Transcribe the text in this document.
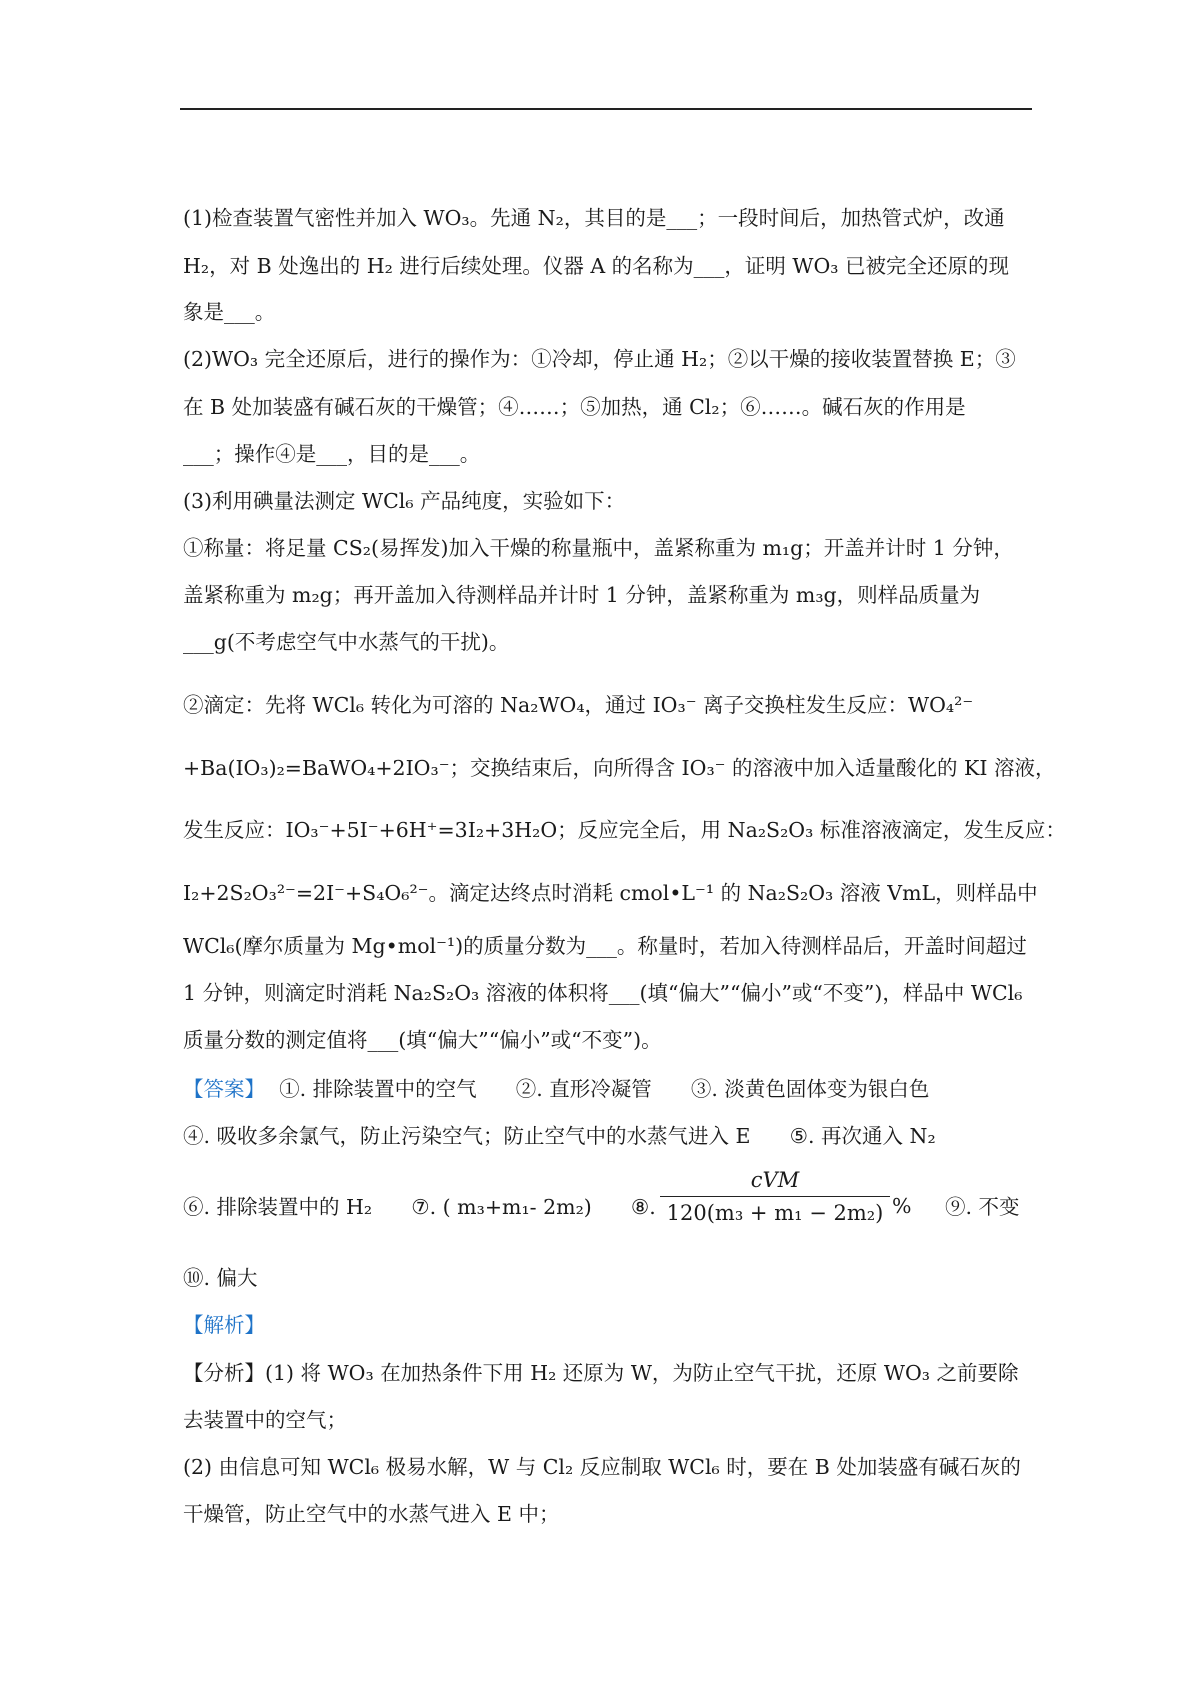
(1)检查装置气密性并加入 WO₃。先通 N₂，其目的是___；一段时间后，加热管式炉，改通
H₂，对 B 处逸出的 H₂ 进行后续处理。仪器 A 的名称为___，证明 WO₃ 已被完全还原的现
象是___。
(2)WO₃ 完全还原后，进行的操作为：①冷却，停止通 H₂；②以干燥的接收装置替换 E；③
在 B 处加装盛有碱石灰的干燥管；④……；⑤加热，通 Cl₂；⑥……。碱石灰的作用是
___；操作④是___，目的是___。
(3)利用碘量法测定 WCl₆ 产品纯度，实验如下：
①称量：将足量 CS₂(易挥发)加入干燥的称量瓶中，盖紧称重为 m₁g；开盖并计时 1 分钟，
盖紧称重为 m₂g；再开盖加入待测样品并计时 1 分钟，盖紧称重为 m₃g，则样品质量为
___g(不考虑空气中水蒸气的干扰)。
②滴定：先将 WCl₆ 转化为可溶的 Na₂WO₄，通过 IO₃⁻ 离子交换柱发生反应：WO₄²⁻
+Ba(IO₃)₂=BaWO₄+2IO₃⁻；交换结束后，向所得含 IO₃⁻ 的溶液中加入适量酸化的 KI 溶液，
发生反应：IO₃⁻+5I⁻+6H⁺=3I₂+3H₂O；反应完全后，用 Na₂S₂O₃ 标准溶液滴定，发生反应：
I₂+2S₂O₃²⁻=2I⁻+S₄O₆²⁻。滴定达终点时消耗 cmol•L⁻¹ 的 Na₂S₂O₃ 溶液 VmL，则样品中
WCl₆(摩尔质量为 Mg•mol⁻¹)的质量分数为___。称量时，若加入待测样品后，开盖时间超过
1 分钟，则滴定时消耗 Na₂S₂O₃ 溶液的体积将___(填“偏大”“偏小”或“不变”)，样品中 WCl₆
质量分数的测定值将___(填“偏大”“偏小”或“不变”)。
【答案】
①. 排除装置中的空气      ②. 直形冷凝管      ③. 淡黄色固体变为银白色
④. 吸收多余氯气，防止污染空气；防止空气中的水蒸气进入 E      ⑤. 再次通入 N₂
⑥. 排除装置中的 H₂      ⑦. ( m₃+m₁- 2m₂)      ⑧.
cVM
120(m₃ + m₁ − 2m₂) % ⑨. 不变
⑩. 偏大
【解析】
【分析】(1) 将 WO₃ 在加热条件下用 H₂ 还原为 W，为防止空气干扰，还原 WO₃ 之前要除
去装置中的空气；
(2) 由信息可知 WCl₆ 极易水解，W 与 Cl₂ 反应制取 WCl₆ 时，要在 B 处加装盛有碱石灰的
干燥管，防止空气中的水蒸气进入 E 中；
